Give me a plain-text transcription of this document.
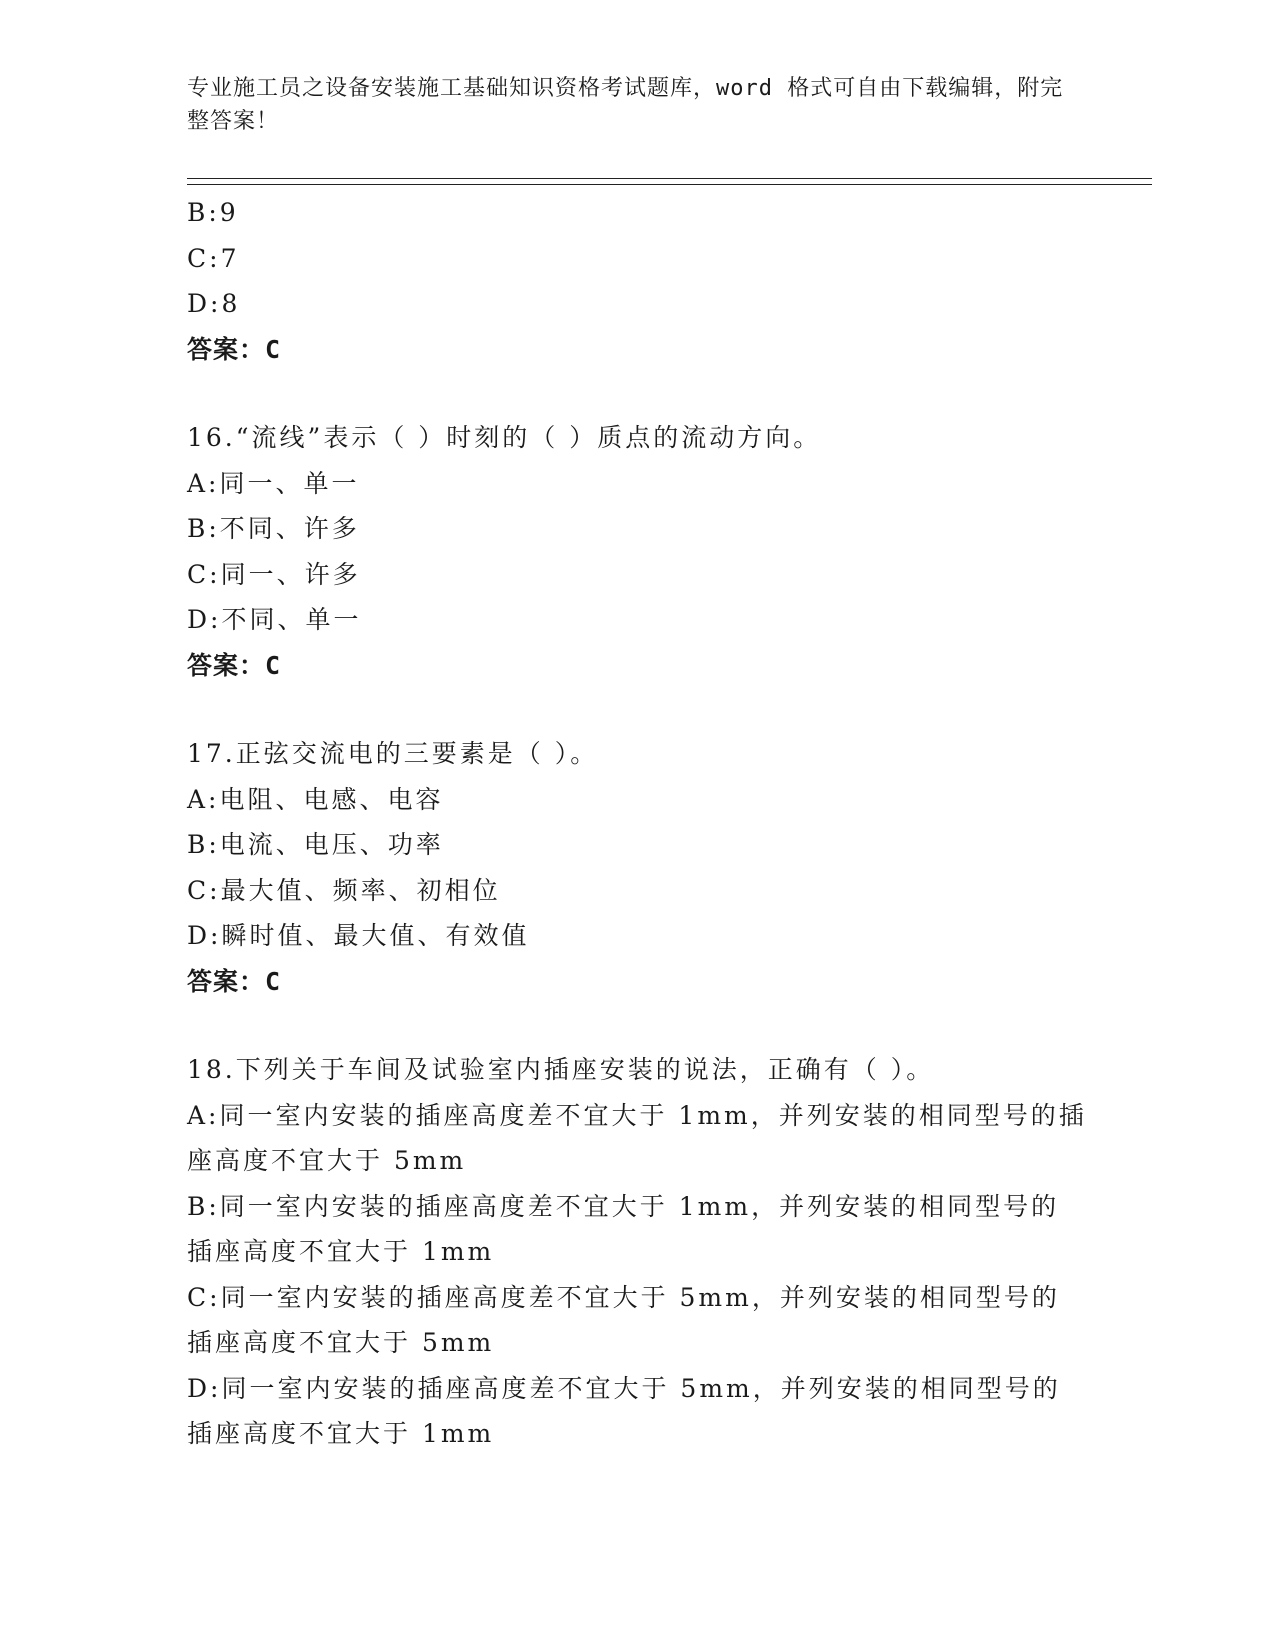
专业施工员之设备安装施工基础知识资格考试题库，word 格式可自由下载编辑，附完整答案！
B:9
C:7
D:8
答案：C
16.“流线”表示（ ）时刻的（ ）质点的流动方向。
A:同一、单一
B:不同、许多
C:同一、许多
D:不同、单一
答案：C
17.正弦交流电的三要素是（ ）。
A:电阻、电感、电容
B:电流、电压、功率
C:最大值、频率、初相位
D:瞬时值、最大值、有效值
答案：C
18.下列关于车间及试验室内插座安装的说法，正确有（ ）。
A:同一室内安装的插座高度差不宜大于 1mm，并列安装的相同型号的插座高度不宜大于 5mm
B:同一室内安装的插座高度差不宜大于 1mm，并列安装的相同型号的插座高度不宜大于 1mm
C:同一室内安装的插座高度差不宜大于 5mm，并列安装的相同型号的插座高度不宜大于 5mm
D:同一室内安装的插座高度差不宜大于 5mm，并列安装的相同型号的插座高度不宜大于 1mm
